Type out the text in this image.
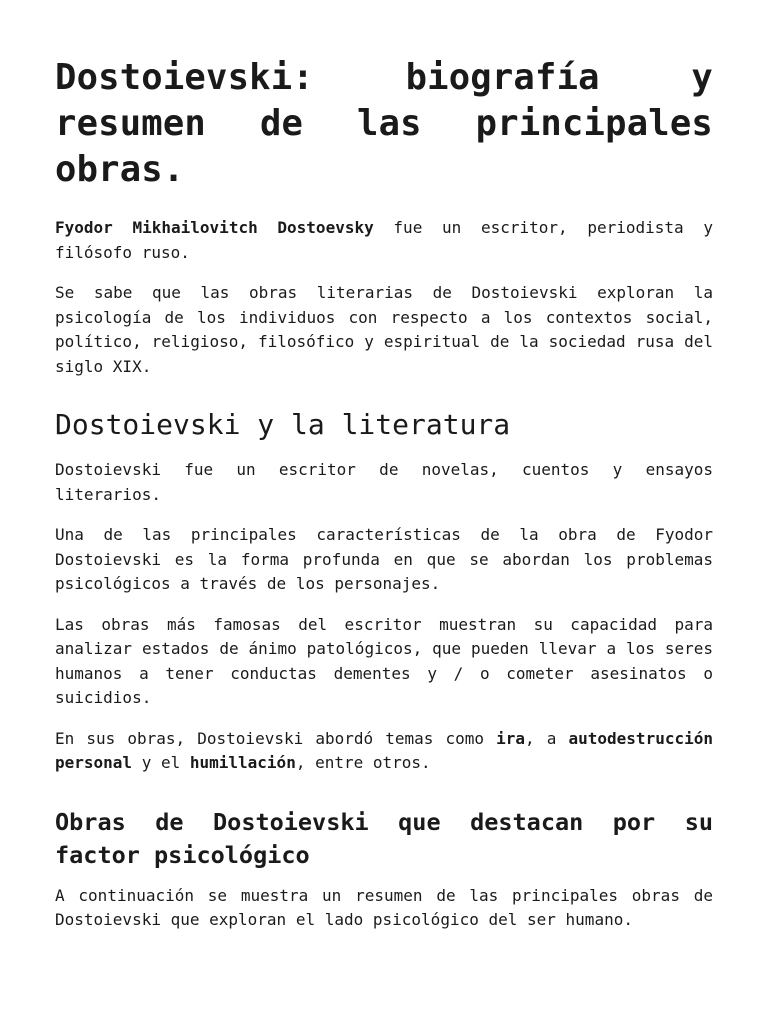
Dostoievski: biografía y resumen de las principales obras.

Fyodor Mikhailovitch Dostoevsky fue un escritor, periodista y filósofo ruso.

Se sabe que las obras literarias de Dostoievski exploran la psicología de los individuos con respecto a los contextos social, político, religioso, filosófico y espiritual de la sociedad rusa del siglo XIX.

Dostoievski y la literatura

Dostoievski fue un escritor de novelas, cuentos y ensayos literarios.

Una de las principales características de la obra de Fyodor Dostoievski es la forma profunda en que se abordan los problemas psicológicos a través de los personajes.

Las obras más famosas del escritor muestran su capacidad para analizar estados de ánimo patológicos, que pueden llevar a los seres humanos a tener conductas dementes y / o cometer asesinatos o suicidios.

En sus obras, Dostoievski abordó temas como ira, a autodestrucción personal y el humillación, entre otros.

Obras de Dostoievski que destacan por su factor psicológico

A continuación se muestra un resumen de las principales obras de Dostoievski que exploran el lado psicológico del ser humano.
